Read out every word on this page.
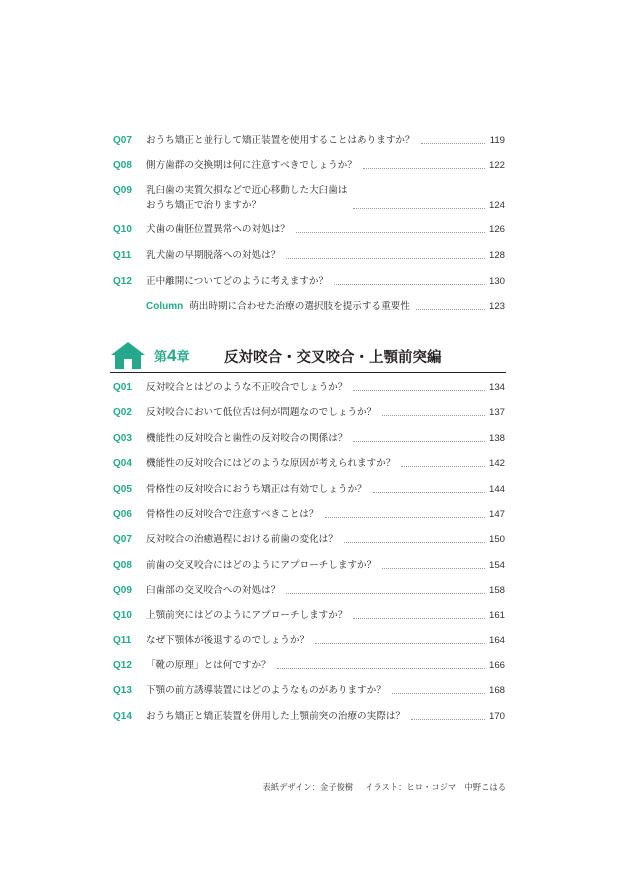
Q07	おうち矯正と並行して矯正装置を使用することはありますか？	119
Q08	側方歯群の交換期は何に注意すべきでしょうか？	122
Q09	乳臼歯の実質欠損などで近心移動した大臼歯は
おうち矯正で治りますか？	124
Q10	犬歯の歯胚位置異常への対処は？	126
Q11	乳犬歯の早期脱落への対処は？	128
Q12	正中離開についてどのように考えますか？	130
Column 萌出時期に合わせた治療の選択肢を提示する重要性	123
第4章 反対咬合・交叉咬合・上顎前突編
Q01	反対咬合とはどのような不正咬合でしょうか？	134
Q02	反対咬合において低位舌は何が問題なのでしょうか？	137
Q03	機能性の反対咬合と歯性の反対咬合の関係は？	138
Q04	機能性の反対咬合にはどのような原因が考えられますか？	142
Q05	骨格性の反対咬合におうち矯正は有効でしょうか？	144
Q06	骨格性の反対咬合で注意すべきことは？	147
Q07	反対咬合の治癒過程における前歯の変化は？	150
Q08	前歯の交叉咬合にはどのようにアプローチしますか？	154
Q09	臼歯部の交叉咬合への対処は？	158
Q10	上顎前突にはどのようにアプローチしますか？	161
Q11	なぜ下顎体が後退するのでしょうか？	164
Q12	「靴の原理」とは何ですか？	166
Q13	下顎の前方誘導装置にはどのようなものがありますか？	168
Q14	おうち矯正と矯正装置を併用した上顎前突の治療の実際は？	170
表紙デザイン：金子俊樹 イラスト：ヒロ・コジマ　中野こはる
